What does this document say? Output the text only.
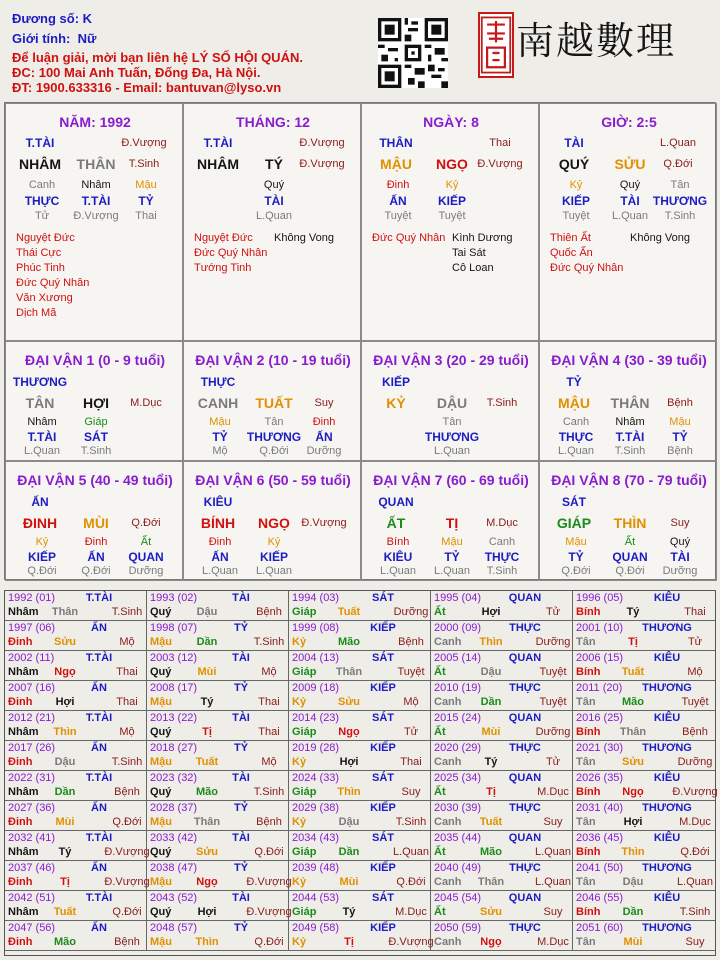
Đương số: K
Giới tính: Nữ
Để luận giải, mời bạn liên hệ LÝ SỐ HỘI QUÁN.
ĐC: 100 Mai Anh Tuấn, Đống Đa, Hà Nội.
ĐT: 1900.633316 - Email: bantuvan@lyso.vn
南越數理
NĂM: 1992
T.TÀI	Đ.Vượng
NHÂM THÂN T.Sinh
Canh
THỰC
Tử
Nhâm
T.TÀI
Đ.Vượng
Mậu
TỶ
Thai
Nguyệt Đức
Thái Cực
Phúc Tinh
Đức Quý Nhân
Văn Xương
Dịch Mã
THÁNG: 12
T.TÀI	Đ.Vượng
NHÂM TÝ Đ.Vượng
Quý
TÀI
L.Quan
Nguyệt Đức
Đức Quý Nhân
Tướng Tinh
Không Vong
NGÀY: 8
THÂN	Thai
MẬU NGỌ Đ.Vượng
Đinh
ẤN
Tuyệt
Kỷ
KIẾP
Tuyệt
Đức Quý Nhân Kình Dương
Tai Sát
Cô Loan
GIỜ: 2:5
TÀI	L.Quan
QUÝ SỬU Q.Đới
Kỷ
KIẾP
Tuyệt
Quý
TÀI
L.Quan
Tân
THƯƠNG
T.Sinh
Thiên Ất
Quốc Ấn
Đức Quý Nhân
Không Vong
ĐẠI VẬN 1 (0 - 9 tuổi)
THƯƠNG
TÂN HỢI M.Dục
Nhâm
T.TÀI
L.Quan
Giáp
SÁT
T.Sinh
ĐẠI VẬN 2 (10 - 19 tuổi)
THỰC
CANH TUẤT Suy
Mậu
TỶ
Mộ
Tân
THƯƠNG
Q.Đới
Đinh
ẤN
Dưỡng
ĐẠI VẬN 3 (20 - 29 tuổi)
KIẾP
KỶ DẬU T.Sinh
Tân
THƯƠNG
L.Quan
ĐẠI VẬN 4 (30 - 39 tuổi)
TỶ
MẬU THÂN Bệnh
Canh
THỰC
L.Quan
Nhâm
T.TÀI
T.Sinh
Mậu
TỶ
Bệnh
ĐẠI VẬN 5 (40 - 49 tuổi)
ẤN
ĐINH MÙI Q.Đới
Kỷ
KIẾP
Q.Đới
Đinh
ẤN
Q.Đới
Ất
QUAN
Dưỡng
ĐẠI VẬN 6 (50 - 59 tuổi)
KIÊU
BÍNH NGỌ Đ.Vượng
Đinh
ẤN
L.Quan
Kỷ
KIẾP
L.Quan
ĐẠI VẬN 7 (60 - 69 tuổi)
QUAN
ẤT	TỊ	M.Dục
Bính
KIÊU
L.Quan
Mậu
TỶ
L.Quan
Canh
THỰC
T.Sinh
ĐẠI VẬN 8 (70 - 79 tuổi)
SÁT
GIÁP THÌN Suy
Mậu
TỶ
Q.Đới
Ất
QUAN
Q.Đới
Quý
TÀI
Dưỡng
1992 (01)	T.TÀI
Nhâm Thân	T.Sinh
1993 (02)	TÀI
Quý Dậu	Bệnh
1994 (03)	SÁT
Giáp Tuất	Dưỡng
1995 (04)	QUAN
Ất	Hợi	Tử
1996 (05)	KIÊU
Bính Tý	Thai
1997 (06)	ẤN
Đinh Sửu	Mộ
1998 (07)	TỶ
Mậu Dần	T.Sinh
1999 (08)	KIẾP
Kỷ	Mão	Bệnh
2000 (09)	THỰC
Canh Thìn	Dưỡng
2001 (10) THƯƠNG
Tân	Tị	Tử
2002 (11)	T.TÀI
Nhâm Ngọ	Thai
2003 (12)	TÀI
Quý Mùi	Mộ
2004 (13)	SÁT
Giáp Thân	Tuyệt
2005 (14)	QUAN
Ất	Dậu	Tuyệt
2006 (15)	KIÊU
Bính Tuất	Mộ
2007 (16)	ẤN
Đinh Hợi	Thai
2008 (17)	TỶ
Mậu	Tý	Thai
2009 (18)	KIẾP
Kỷ	Sửu	Mộ
2010 (19)	THỰC
Canh Dần	Tuyệt
2011 (20) THƯƠNG
Tân Mão	Tuyệt
2012 (21)	T.TÀI
Nhâm Thìn	Mộ
2013 (22)	TÀI
Quý	Tị	Thai
2014 (23)	SÁT
Giáp Ngọ	Tử
2015 (24)	QUAN
Ất	Mùi	Dưỡng
2016 (25)	KIÊU
Bính Thân	Bệnh
2017 (26)	ẤN
Đinh Dậu	T.Sinh
2018 (27)	TỶ
Mậu Tuất	Mộ
2019 (28)	KIẾP
Kỷ	Hợi	Thai
2020 (29)	THỰC
Canh Tý	Tử
2021 (30) THƯƠNG
Tân Sửu	Dưỡng
2022 (31)	T.TÀI
Nhâm Dần	Bệnh
2023 (32)	TÀI
Quý Mão	T.Sinh
2024 (33)	SÁT
Giáp Thìn	Suy
2025 (34)	QUAN
Ất	Tị	M.Dục
2026 (35)	KIÊU
Bính Ngọ	Đ.Vượng
2027 (36)	ẤN
Đinh Mùi	Q.Đới
2028 (37)	TỶ
Mậu Thân	Bệnh
2029 (38)	KIẾP
Kỷ	Dậu	T.Sinh
2030 (39)	THỰC
Canh Tuất	Suy
2031 (40) THƯƠNG
Tân	Hợi	M.Dục
2032 (41)	T.TÀI
Nhâm Tý	Đ.Vượng
2033 (42)	TÀI
Quý Sửu	Q.Đới
2034 (43)	SÁT
Giáp Dần	L.Quan
2035 (44)	QUAN
Ất	Mão	L.Quan
2036 (45)	KIÊU
Bính Thìn	Q.Đới
2037 (46)	ẤN
Đinh	Tị	Đ.Vượng
2038 (47)	TỶ
Mậu Ngọ	Đ.Vượng
2039 (48)	KIẾP
Kỷ	Mùi	Q.Đới
2040 (49)	THỰC
Canh Thân	L.Quan
2041 (50) THƯƠNG
Tân Dậu	L.Quan
2042 (51)	T.TÀI
Nhâm Tuất	Q.Đới
2043 (52)	TÀI
Quý Hợi	Đ.Vượng
2044 (53)	SÁT
Giáp Tý	M.Dục
2045 (54)	QUAN
Ất	Sửu	Suy
2046 (55)	KIÊU
Bính Dần	T.Sinh
2047 (56)	ẤN
Đinh Mão	Bệnh
2048 (57)	TỶ
Mậu Thìn	Q.Đới
2049 (58)	KIẾP
Kỷ	Tị	Đ.Vượng
2050 (59)	THỰC
Canh Ngọ	M.Dục
2051 (60) THƯƠNG
Tân	Mùi	Suy
